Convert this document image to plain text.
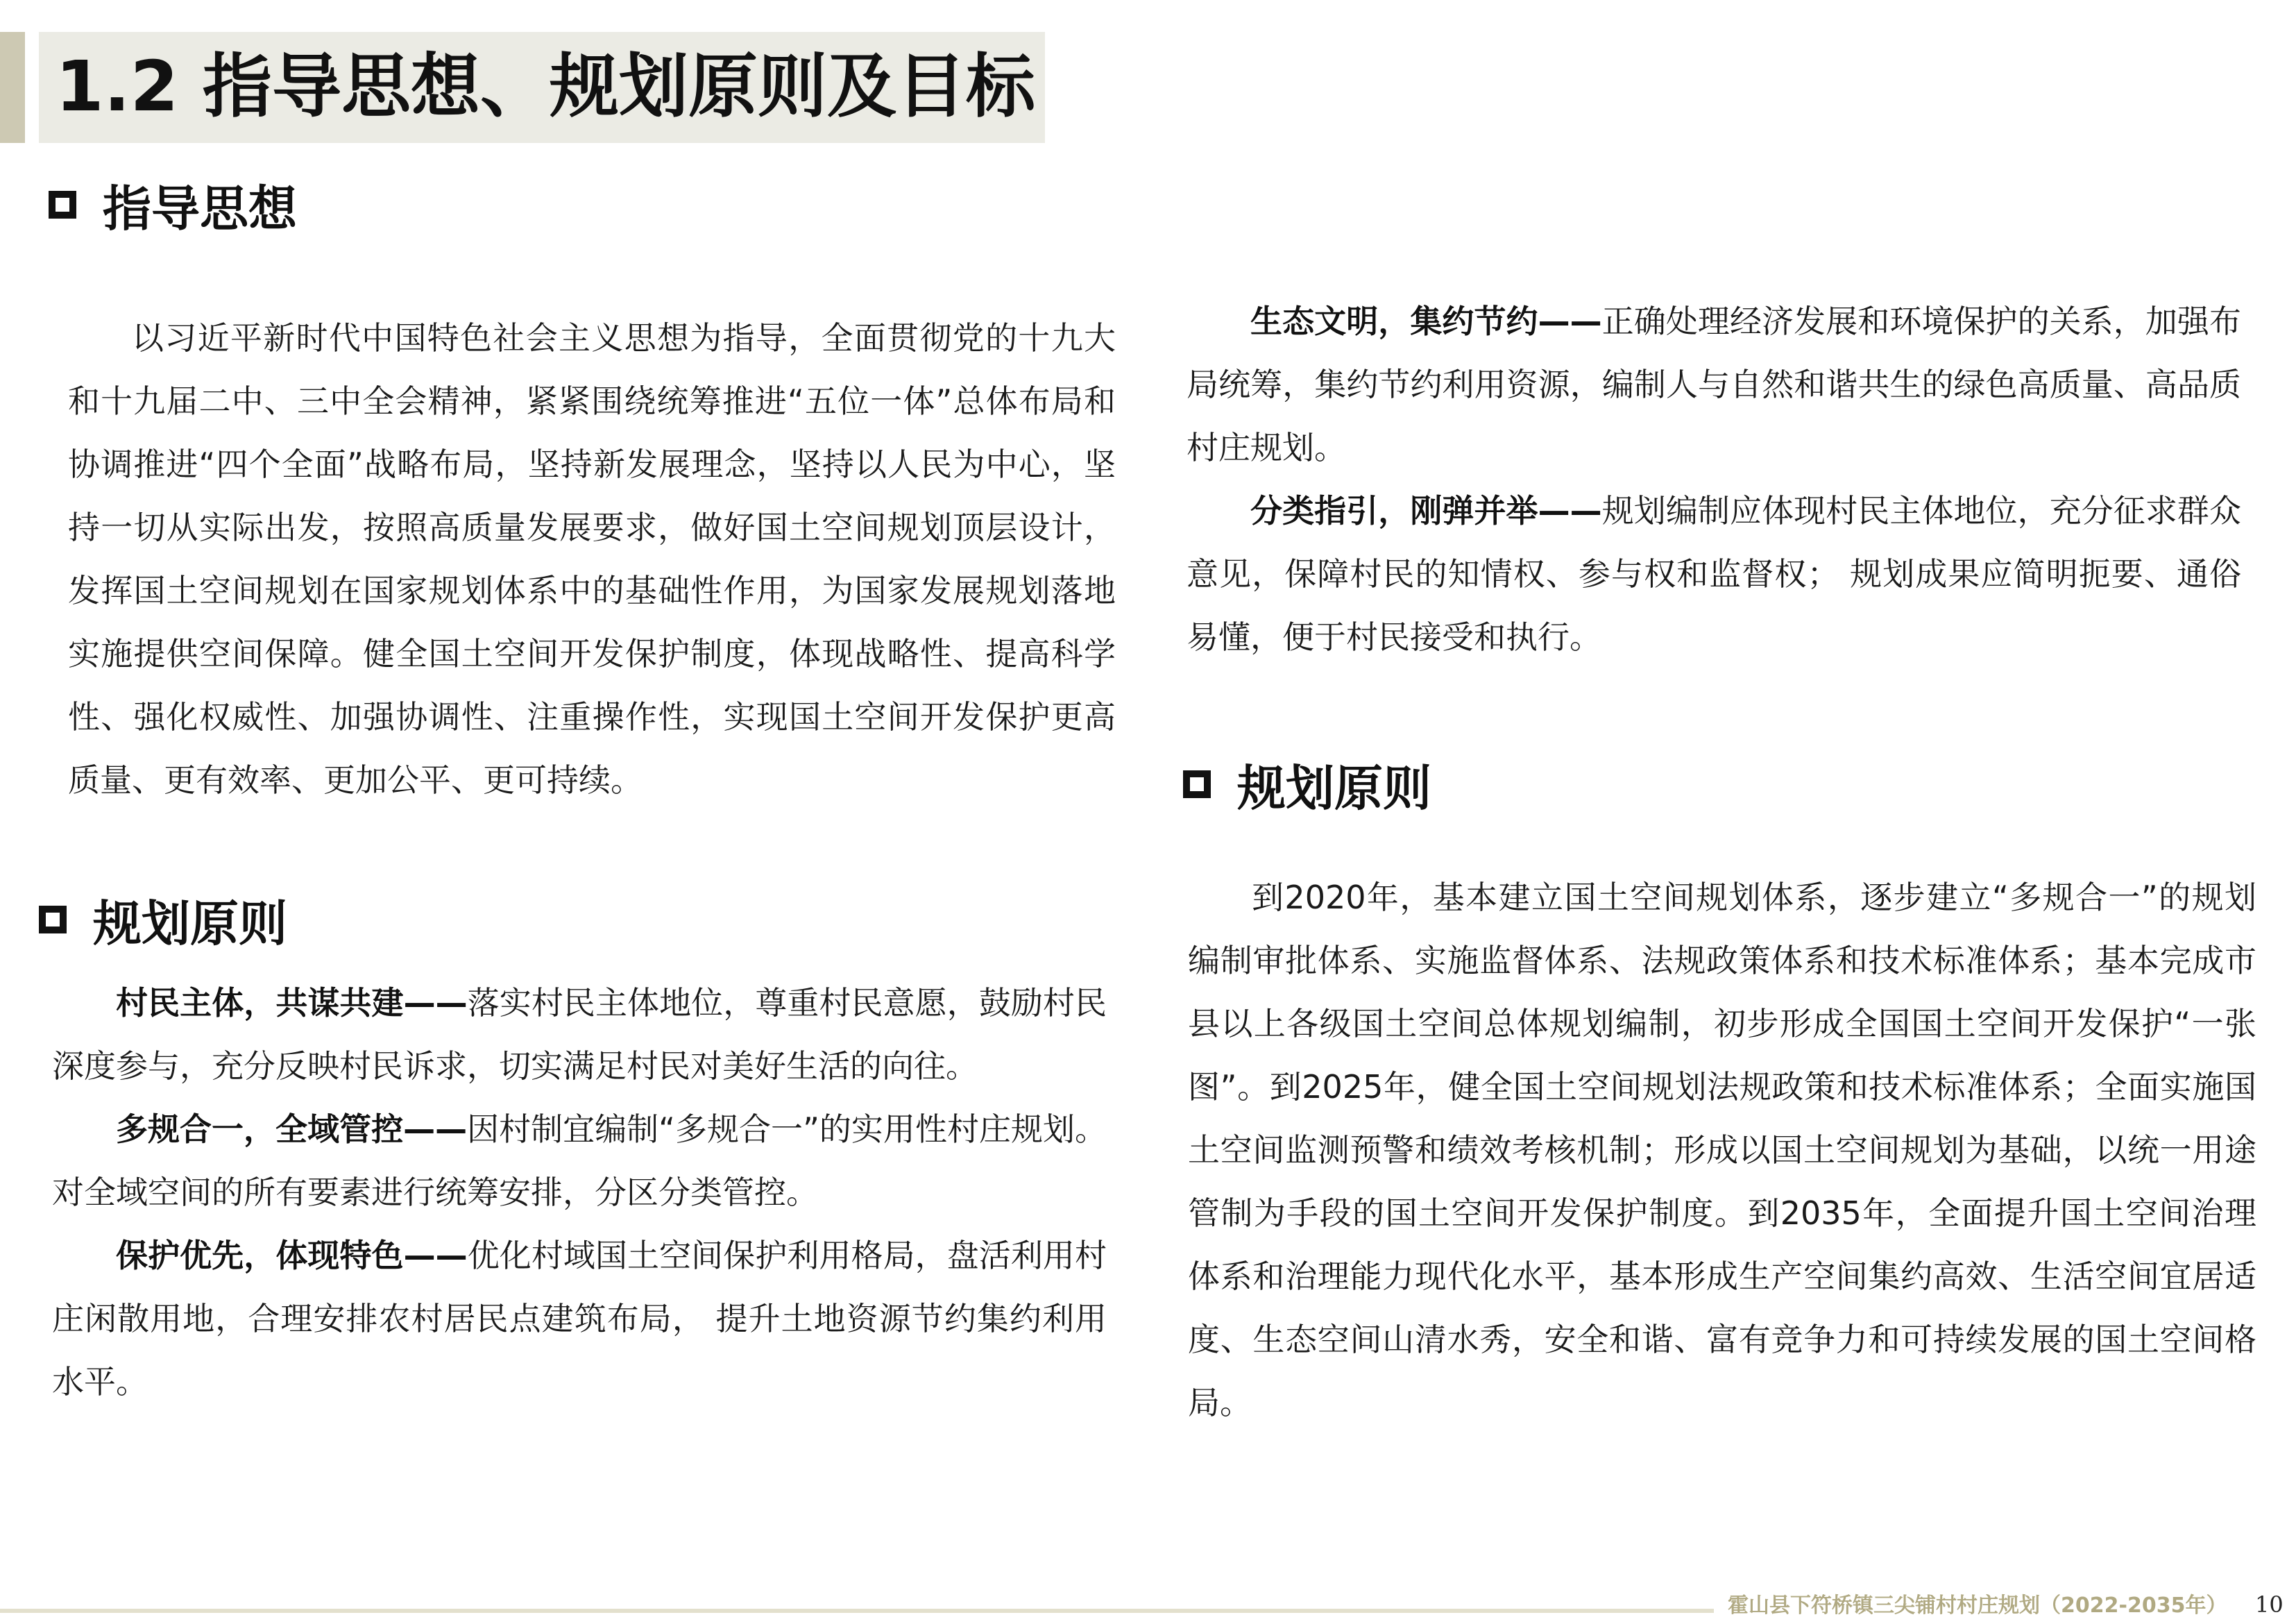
1.2 指导思想、规划原则及目标
指导思想

以习近平新时代中国特色社会主义思想为指导，全面贯彻党的十九大和十九届二中、三中全会精神，紧紧围绕统筹推进“五位一体”总体布局和协调推进“四个全面”战略布局，坚持新发展理念，坚持以人民为中心，坚持一切从实际出发，按照高质量发展要求，做好国土空间规划顶层设计，发挥国土空间规划在国家规划体系中的基础性作用，为国家发展规划落地实施提供空间保障。健全国土空间开发保护制度，体现战略性、提高科学性、强化权威性、加强协调性、注重操作性，实现国土空间开发保护更高质量、更有效率、更加公平、更可持续。

规划原则

村民主体，共谋共建——落实村民主体地位，尊重村民意愿，鼓励村民深度参与，充分反映村民诉求，切实满足村民对美好生活的向往。

多规合一，全域管控——因村制宜编制“多规合一”的实用性村庄规划。对全域空间的所有要素进行统筹安排，分区分类管控。

保护优先，体现特色——优化村域国土空间保护利用格局，盘活利用村庄闲散用地，合理安排农村居民点建筑布局， 提升土地资源节约集约利用水平。

生态文明，集约节约——正确处理经济发展和环境保护的关系，加强布局统筹，集约节约利用资源，编制人与自然和谐共生的绿色高质量、高品质村庄规划。

分类指引，刚弹并举——规划编制应体现村民主体地位，充分征求群众意见，保障村民的知情权、参与权和监督权； 规划成果应简明扼要、通俗易懂，便于村民接受和执行。

规划原则

到2020年，基本建立国土空间规划体系，逐步建立“多规合一”的规划编制审批体系、实施监督体系、法规政策体系和技术标准体系；基本完成市县以上各级国土空间总体规划编制，初步形成全国国土空间开发保护“一张图”。到2025年，健全国土空间规划法规政策和技术标准体系；全面实施国土空间监测预警和绩效考核机制；形成以国土空间规划为基础，以统一用途管制为手段的国土空间开发保护制度。到2035年，全面提升国土空间治理体系和治理能力现代化水平，基本形成生产空间集约高效、生活空间宜居适度、生态空间山清水秀，安全和谐、富有竞争力和可持续发展的国土空间格局。

霍山县下符桥镇三尖铺村村庄规划（2022-2035年） 10
